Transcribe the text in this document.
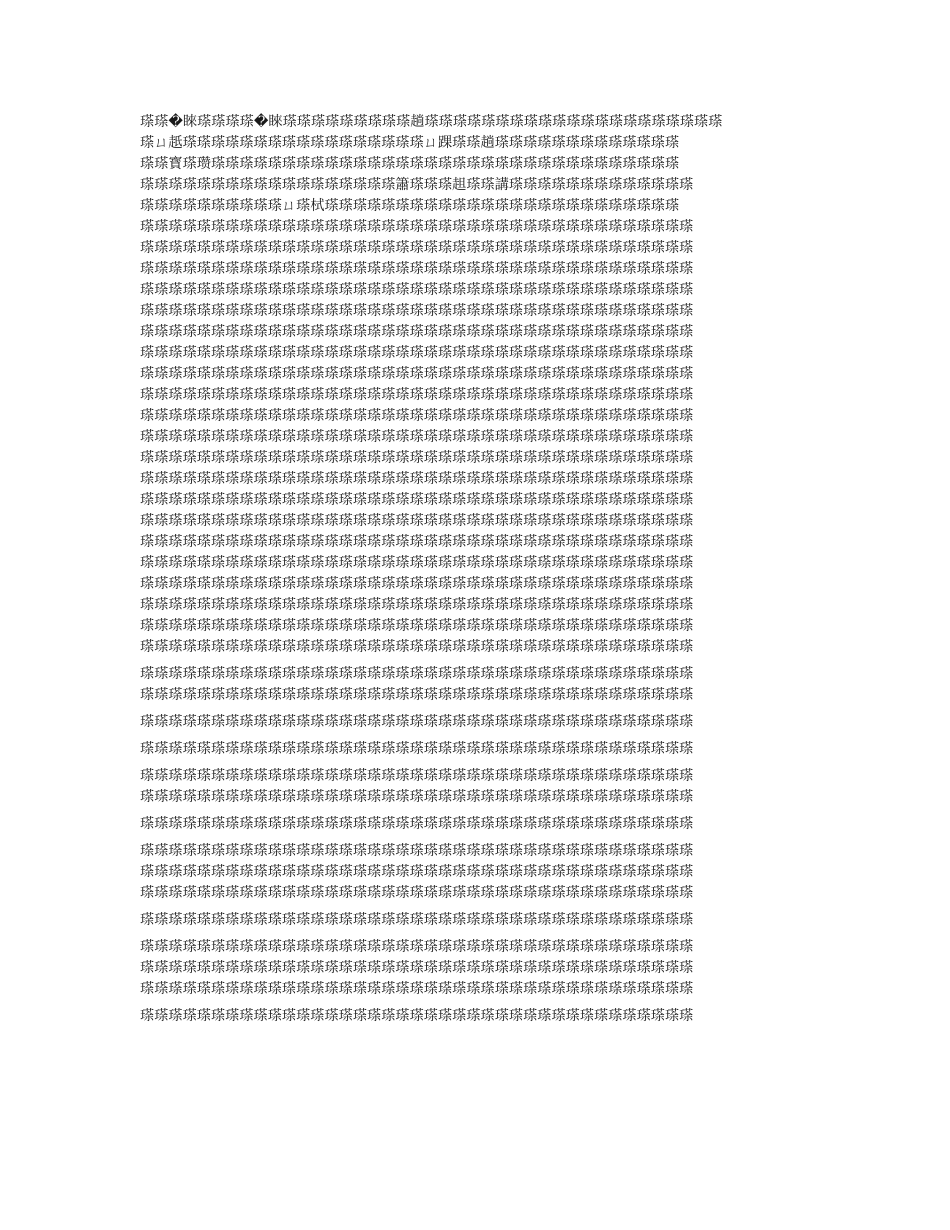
瑹瑹�睞瑹瑹瑹瑹�睞瑹瑹瑹瑹瑹瑹瑹瑹瑹趟瑹瑹瑹瑹瑹瑹瑹瑹瑹瑹瑹瑹瑹瑹瑹瑹瑹瑹瑹瑹瑹
瑹ㄩ赿瑹瑹瑹瑹瑹瑹瑹瑹瑹瑹瑹瑹瑹瑹瑹瑹瑹ㄩ踝瑹瑹趟瑹瑹瑹瑹瑹瑹瑹瑹瑹瑹瑹瑹瑹
瑹瑹寳瑹瓒瑹瑹瑹瑹瑹瑹瑹瑹瑹瑹瑹瑹瑹瑹瑹瑹瑹瑹瑹瑹瑹瑹瑹瑹瑹瑹瑹瑹瑹瑹瑹瑹瑹
瑹瑹瑹瑹瑹瑹瑹瑹瑹瑹瑹瑹瑹瑹瑹瑹瑹瑹簫瑹瑹瑹趄瑹瑹講瑹瑹瑹瑹瑹瑹瑹瑹瑹瑹瑹瑹瑹
瑹瑹瑹瑹瑹瑹瑹瑹瑹瑹ㄩ瑹栻瑹瑹瑹瑹瑹瑹瑹瑹瑹瑹瑹瑹瑹瑹瑹瑹瑹瑹瑹瑹瑹瑹瑹瑹瑹
瑹瑹瑹瑹瑹瑹瑹瑹瑹瑹瑹瑹瑹瑹瑹瑹瑹瑹瑹瑹瑹瑹瑹瑹瑹瑹瑹瑹瑹瑹瑹瑹瑹瑹瑹瑹瑹瑹瑹
瑹瑹瑹瑹瑹瑹瑹瑹瑹瑹瑹瑹瑹瑹瑹瑹瑹瑹瑹瑹瑹瑹瑹瑹瑹瑹瑹瑹瑹瑹瑹瑹瑹瑹瑹瑹瑹瑹瑹
瑹瑹瑹瑹瑹瑹瑹瑹瑹瑹瑹瑹瑹瑹瑹瑹瑹瑹瑹瑹瑹瑹瑹瑹瑹瑹瑹瑹瑹瑹瑹瑹瑹瑹瑹瑹瑹瑹瑹
瑹瑹瑹瑹瑹瑹瑹瑹瑹瑹瑹瑹瑹瑹瑹瑹瑹瑹瑹瑹瑹瑹瑹瑹瑹瑹瑹瑹瑹瑹瑹瑹瑹瑹瑹瑹瑹瑹瑹
瑹瑹瑹瑹瑹瑹瑹瑹瑹瑹瑹瑹瑹瑹瑹瑹瑹瑹瑹瑹瑹瑹瑹瑹瑹瑹瑹瑹瑹瑹瑹瑹瑹瑹瑹瑹瑹瑹瑹
瑹瑹瑹瑹瑹瑹瑹瑹瑹瑹瑹瑹瑹瑹瑹瑹瑹瑹瑹瑹瑹瑹瑹瑹瑹瑹瑹瑹瑹瑹瑹瑹瑹瑹瑹瑹瑹瑹瑹
瑹瑹瑹瑹瑹瑹瑹瑹瑹瑹瑹瑹瑹瑹瑹瑹瑹瑹瑹瑹瑹瑹瑹瑹瑹瑹瑹瑹瑹瑹瑹瑹瑹瑹瑹瑹瑹瑹瑹
瑹瑹瑹瑹瑹瑹瑹瑹瑹瑹瑹瑹瑹瑹瑹瑹瑹瑹瑹瑹瑹瑹瑹瑹瑹瑹瑹瑹瑹瑹瑹瑹瑹瑹瑹瑹瑹瑹瑹
瑹瑹瑹瑹瑹瑹瑹瑹瑹瑹瑹瑹瑹瑹瑹瑹瑹瑹瑹瑹瑹瑹瑹瑹瑹瑹瑹瑹瑹瑹瑹瑹瑹瑹瑹瑹瑹瑹瑹
瑹瑹瑹瑹瑹瑹瑹瑹瑹瑹瑹瑹瑹瑹瑹瑹瑹瑹瑹瑹瑹瑹瑹瑹瑹瑹瑹瑹瑹瑹瑹瑹瑹瑹瑹瑹瑹瑹瑹
瑹瑹瑹瑹瑹瑹瑹瑹瑹瑹瑹瑹瑹瑹瑹瑹瑹瑹瑹瑹瑹瑹瑹瑹瑹瑹瑹瑹瑹瑹瑹瑹瑹瑹瑹瑹瑹瑹瑹
瑹瑹瑹瑹瑹瑹瑹瑹瑹瑹瑹瑹瑹瑹瑹瑹瑹瑹瑹瑹瑹瑹瑹瑹瑹瑹瑹瑹瑹瑹瑹瑹瑹瑹瑹瑹瑹瑹瑹
瑹瑹瑹瑹瑹瑹瑹瑹瑹瑹瑹瑹瑹瑹瑹瑹瑹瑹瑹瑹瑹瑹瑹瑹瑹瑹瑹瑹瑹瑹瑹瑹瑹瑹瑹瑹瑹瑹瑹
瑹瑹瑹瑹瑹瑹瑹瑹瑹瑹瑹瑹瑹瑹瑹瑹瑹瑹瑹瑹瑹瑹瑹瑹瑹瑹瑹瑹瑹瑹瑹瑹瑹瑹瑹瑹瑹瑹瑹
瑹瑹瑹瑹瑹瑹瑹瑹瑹瑹瑹瑹瑹瑹瑹瑹瑹瑹瑹瑹瑹瑹瑹瑹瑹瑹瑹瑹瑹瑹瑹瑹瑹瑹瑹瑹瑹瑹瑹
瑹瑹瑹瑹瑹瑹瑹瑹瑹瑹瑹瑹瑹瑹瑹瑹瑹瑹瑹瑹瑹瑹瑹瑹瑹瑹瑹瑹瑹瑹瑹瑹瑹瑹瑹瑹瑹瑹瑹
瑹瑹瑹瑹瑹瑹瑹瑹瑹瑹瑹瑹瑹瑹瑹瑹瑹瑹瑹瑹瑹瑹瑹瑹瑹瑹瑹瑹瑹瑹瑹瑹瑹瑹瑹瑹瑹瑹瑹
瑹瑹瑹瑹瑹瑹瑹瑹瑹瑹瑹瑹瑹瑹瑹瑹瑹瑹瑹瑹瑹瑹瑹瑹瑹瑹瑹瑹瑹瑹瑹瑹瑹瑹瑹瑹瑹瑹瑹
瑹瑹瑹瑹瑹瑹瑹瑹瑹瑹瑹瑹瑹瑹瑹瑹瑹瑹瑹瑹瑹瑹瑹瑹瑹瑹瑹瑹瑹瑹瑹瑹瑹瑹瑹瑹瑹瑹瑹
瑹瑹瑹瑹瑹瑹瑹瑹瑹瑹瑹瑹瑹瑹瑹瑹瑹瑹瑹瑹瑹瑹瑹瑹瑹瑹瑹瑹瑹瑹瑹瑹瑹瑹瑹瑹瑹瑹瑹
瑹瑹瑹瑹瑹瑹瑹瑹瑹瑹瑹瑹瑹瑹瑹瑹瑹瑹瑹瑹瑹瑹瑹瑹瑹瑹瑹瑹瑹瑹瑹瑹瑹瑹瑹瑹瑹瑹瑹
瑹瑹瑹瑹瑹瑹瑹瑹瑹瑹瑹瑹瑹瑹瑹瑹瑹瑹瑹瑹瑹瑹瑹瑹瑹瑹瑹瑹瑹瑹瑹瑹瑹瑹瑹瑹瑹瑹瑹
瑹瑹瑹瑹瑹瑹瑹瑹瑹瑹瑹瑹瑹瑹瑹瑹瑹瑹瑹瑹瑹瑹瑹瑹瑹瑹瑹瑹瑹瑹瑹瑹瑹瑹瑹瑹瑹瑹瑹
瑹瑹瑹瑹瑹瑹瑹瑹瑹瑹瑹瑹瑹瑹瑹瑹瑹瑹瑹瑹瑹瑹瑹瑹瑹瑹瑹瑹瑹瑹瑹瑹瑹瑹瑹瑹瑹瑹瑹
瑹瑹瑹瑹瑹瑹瑹瑹瑹瑹瑹瑹瑹瑹瑹瑹瑹瑹瑹瑹瑹瑹瑹瑹瑹瑹瑹瑹瑹瑹瑹瑹瑹瑹瑹瑹瑹瑹瑹
瑹瑹瑹瑹瑹瑹瑹瑹瑹瑹瑹瑹瑹瑹瑹瑹瑹瑹瑹瑹瑹瑹瑹瑹瑹瑹瑹瑹瑹瑹瑹瑹瑹瑹瑹瑹瑹瑹瑹
瑹瑹瑹瑹瑹瑹瑹瑹瑹瑹瑹瑹瑹瑹瑹瑹瑹瑹瑹瑹瑹瑹瑹瑹瑹瑹瑹瑹瑹瑹瑹瑹瑹瑹瑹瑹瑹瑹瑹
瑹瑹瑹瑹瑹瑹瑹瑹瑹瑹瑹瑹瑹瑹瑹瑹瑹瑹瑹瑹瑹瑹瑹瑹瑹瑹瑹瑹瑹瑹瑹瑹瑹瑹瑹瑹瑹瑹瑹
瑹瑹瑹瑹瑹瑹瑹瑹瑹瑹瑹瑹瑹瑹瑹瑹瑹瑹瑹瑹瑹瑹瑹瑹瑹瑹瑹瑹瑹瑹瑹瑹瑹瑹瑹瑹瑹瑹瑹
瑹瑹瑹瑹瑹瑹瑹瑹瑹瑹瑹瑹瑹瑹瑹瑹瑹瑹瑹瑹瑹瑹瑹瑹瑹瑹瑹瑹瑹瑹瑹瑹瑹瑹瑹瑹瑹瑹瑹
瑹瑹瑹瑹瑹瑹瑹瑹瑹瑹瑹瑹瑹瑹瑹瑹瑹瑹瑹瑹瑹瑹瑹瑹瑹瑹瑹瑹瑹瑹瑹瑹瑹瑹瑹瑹瑹瑹瑹
瑹瑹瑹瑹瑹瑹瑹瑹瑹瑹瑹瑹瑹瑹瑹瑹瑹瑹瑹瑹瑹瑹瑹瑹瑹瑹瑹瑹瑹瑹瑹瑹瑹瑹瑹瑹瑹瑹瑹
瑹瑹瑹瑹瑹瑹瑹瑹瑹瑹瑹瑹瑹瑹瑹瑹瑹瑹瑹瑹瑹瑹瑹瑹瑹瑹瑹瑹瑹瑹瑹瑹瑹瑹瑹瑹瑹瑹瑹
瑹瑹瑹瑹瑹瑹瑹瑹瑹瑹瑹瑹瑹瑹瑹瑹瑹瑹瑹瑹瑹瑹瑹瑹瑹瑹瑹瑹瑹瑹瑹瑹瑹瑹瑹瑹瑹瑹瑹
瑹瑹瑹瑹瑹瑹瑹瑹瑹瑹瑹瑹瑹瑹瑹瑹瑹瑹瑹瑹瑹瑹瑹瑹瑹瑹瑹瑹瑹瑹瑹瑹瑹瑹瑹瑹瑹瑹瑹
瑹瑹瑹瑹瑹瑹瑹瑹瑹瑹瑹瑹瑹瑹瑹瑹瑹瑹瑹瑹瑹瑹瑹瑹瑹瑹瑹瑹瑹瑹瑹瑹瑹瑹瑹瑹瑹瑹瑹
